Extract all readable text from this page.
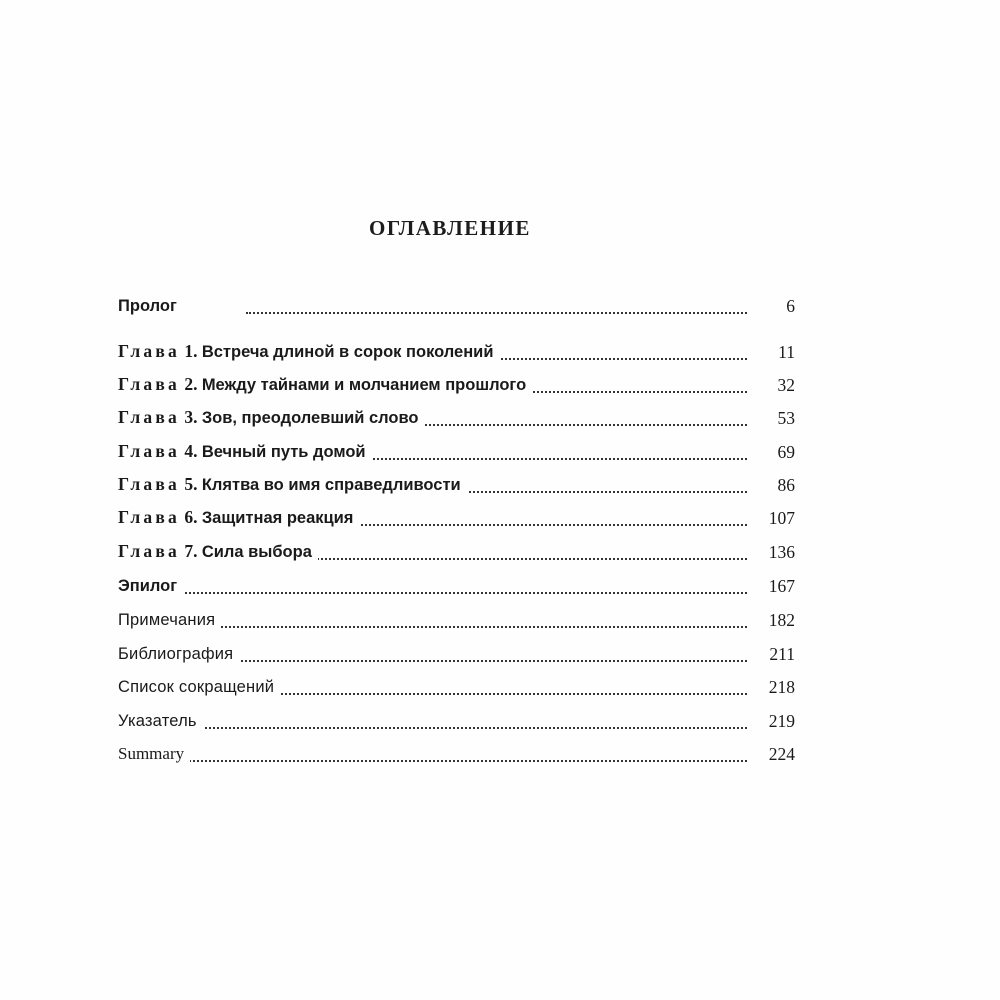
ОГЛАВЛЕНИЕ
Пролог	6
Глава 1. Встреча длиной в сорок поколений	11
Глава 2. Между тайнами и молчанием прошлого	32
Глава 3. Зов, преодолевший слово	53
Глава 4. Вечный путь домой	69
Глава 5. Клятва во имя справедливости	86
Глава 6. Защитная реакция	107
Глава 7. Сила выбора	136
Эпилог	167
Примечания	182
Библиография	211
Список сокращений	218
Указатель	219
Summary	224
